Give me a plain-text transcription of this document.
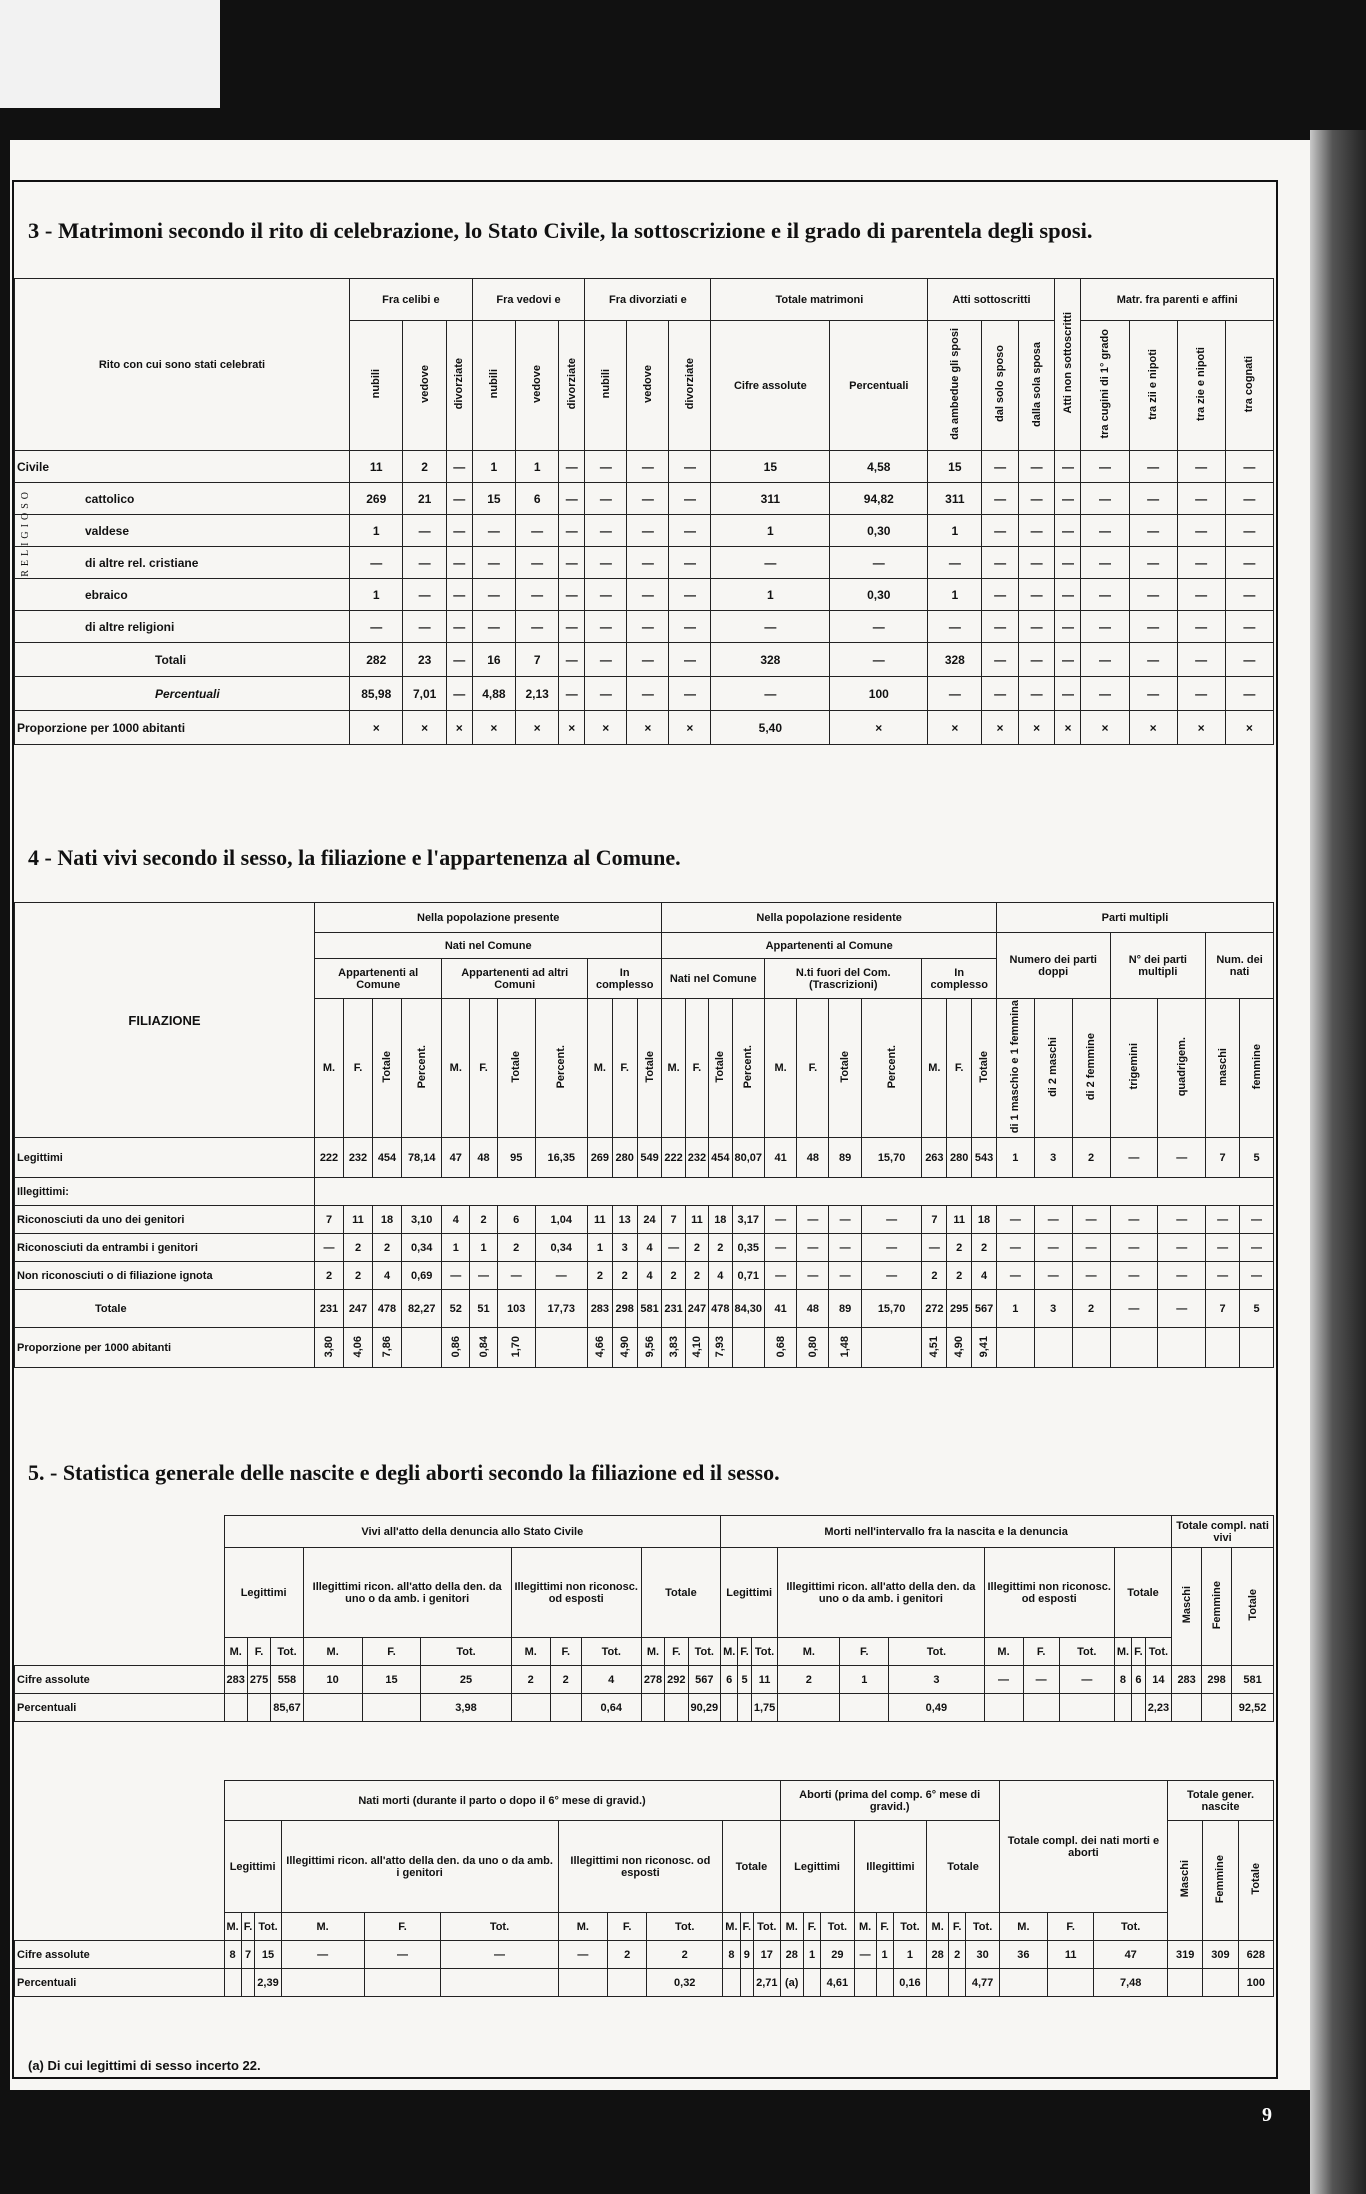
3 - Matrimoni secondo il rito di celebrazione, lo Stato Civile, la sottoscrizione e il grado di parentela degli sposi.
Rito con cui sono stati celebrati	Fra celibi e			Fra vedovi e			Fra divorziati e			Totale matrimoni		Atti sottoscritti			Atti non sottoscritti	Matr. fra parenti e affini			
	nubili	vedove	divorziate	nubili	vedove	divorziate	nubili	vedove	divorziate	Cifre assolute	Percentuali	da ambedue gli sposi	dal solo sposo	dalla sola sposa		tra cugini di 1° grado	tra zii e nipoti	tra zie e nipoti	tra cognati
Civile	11	2	—	1	1	—	—	—	—	15	4,58	15	—	—	—	—	—	—	—
cattolico	269	21	—	15	6	—	—	—	—	311	94,82	311	—	—	—	—	—	—	—
valdese	1	—	—	—	—	—	—	—	—	1	0,30	1	—	—	—	—	—	—	—
di altre rel. cristiane	—	—	—	—	—	—	—	—	—	—	—	—	—	—	—	—	—	—	—
ebraico	1	—	—	—	—	—	—	—	—	1	0,30	1	—	—	—	—	—	—	—
di altre religioni	—	—	—	—	—	—	—	—	—	—	—	—	—	—	—	—	—	—	—
Totali	282	23	—	16	7	—	—	—	—	328	—	328	—	—	—	—	—	—	—
Percentuali	85,98	7,01	—	4,88	2,13	—	—	—	—	—	100	—	—	—	—	—	—	—	—
Proporzione per 1000 abitanti	×	×	×	×	×	×	×	×	×	5,40	×	×	×	×	×	×	×	×	×
4 - Nati vivi secondo il sesso, la filiazione e l'appartenenza al Comune.
FILIAZIONE	Nella popolazione presente											Nella popolazione residente											Parti multipli						
	Nati nel Comune											Appartenenti al Comune											Numero dei parti doppi			N° dei parti multipli		Num. dei nati	
	Appartenenti al Comune				Appartenenti ad altri Comuni				In complesso			Nati nel Comune				N.ti fuori del Com. (Trascrizioni)				In complesso									
	M.	F.	Totale	Percent.	M.	F.	Totale	Percent.	M.	F.	Totale	M.	F.	Totale	Percent.	M.	F.	Totale	Percent.	M.	F.	Totale	di 1 maschio e 1 femmina	di 2 maschi	di 2 femmine	trigemini	quadrigem.	maschi	femmine
Legittimi	222	232	454	78,14	47	48	95	16,35	269	280	549	222	232	454	80,07	41	48	89	15,70	263	280	543	1	3	2	—	—	7	5
Illegittimi:																													
Riconosciuti da uno dei genitori	7	11	18	3,10	4	2	6	1,04	11	13	24	7	11	18	3,17	—	—	—	—	7	11	18	—	—	—	—	—	—	—
Riconosciuti da entrambi i genitori	—	2	2	0,34	1	1	2	0,34	1	3	4	—	2	2	0,35	—	—	—	—	—	2	2	—	—	—	—	—	—	—
Non riconosciuti o di filiazione ignota	2	2	4	0,69	—	—	—	—	2	2	4	2	2	4	0,71	—	—	—	—	2	2	4	—	—	—	—	—	—	—
Totale	231	247	478	82,27	52	51	103	17,73	283	298	581	231	247	478	84,30	41	48	89	15,70	272	295	567	1	3	2	—	—	7	5
Proporzione per 1000 abitanti	3,80	4,06	7,86		0,86	0,84	1,70		4,66	4,90	9,56	3,83	4,10	7,93		0,68	0,80	1,48		4,51	4,90	9,41							
5. - Statistica generale delle nascite e degli aborti secondo la filiazione ed il sesso.
	Vivi all'atto della denuncia allo Stato Civile												Morti nell'intervallo fra la nascita e la denuncia												Totale compl. nati vivi		
	Legittimi			Illegittimi ricon. all'atto della den. da uno o da amb. i genitori			Illegittimi non riconosc. od esposti			Totale			Legittimi			Illegittimi ricon. all'atto della den. da uno o da amb. i genitori			Illegittimi non riconosc. od esposti			Totale			Maschi	Femmine	Totale
	M.	F.	Tot.	M.	F.	Tot.	M.	F.	Tot.	M.	F.	Tot.	M.	F.	Tot.	M.	F.	Tot.	M.	F.	Tot.	M.	F.	Tot.			
Cifre assolute	283	275	558	10	15	25	2	2	4	278	292	567	6	5	11	2	1	3	—	—	—	8	6	14	283	298	581
Percentuali			85,67			3,98			0,64			90,29			1,75			0,49						2,23			92,52
	Nati morti (durante il parto o dopo il 6° mese di gravid.)												Aborti (prima del comp. 6° mese di gravid.)									Totale compl. dei nati morti e aborti			Totale gener. nascite		
	Legittimi			Illegittimi ricon. all'atto della den. da uno o da amb. i genitori			Illegittimi non riconosc. od esposti			Totale			Legittimi			Illegittimi			Totale						Maschi	Femmine	Totale
	M.	F.	Tot.	M.	F.	Tot.	M.	F.	Tot.	M.	F.	Tot.	M.	F.	Tot.	M.	F.	Tot.	M.	F.	Tot.	M.	F.	Tot.			
Cifre assolute	8	7	15	—	—	—	—	2	2	8	9	17	28	1	29	—	1	1	28	2	30	36	11	47	319	309	628
Percentuali			2,39						0,32			2,71	(a)		4,61			0,16			4,77			7,48			100
(a) Di cui legittimi di sesso incerto 22.
9
RELIGIOSO
